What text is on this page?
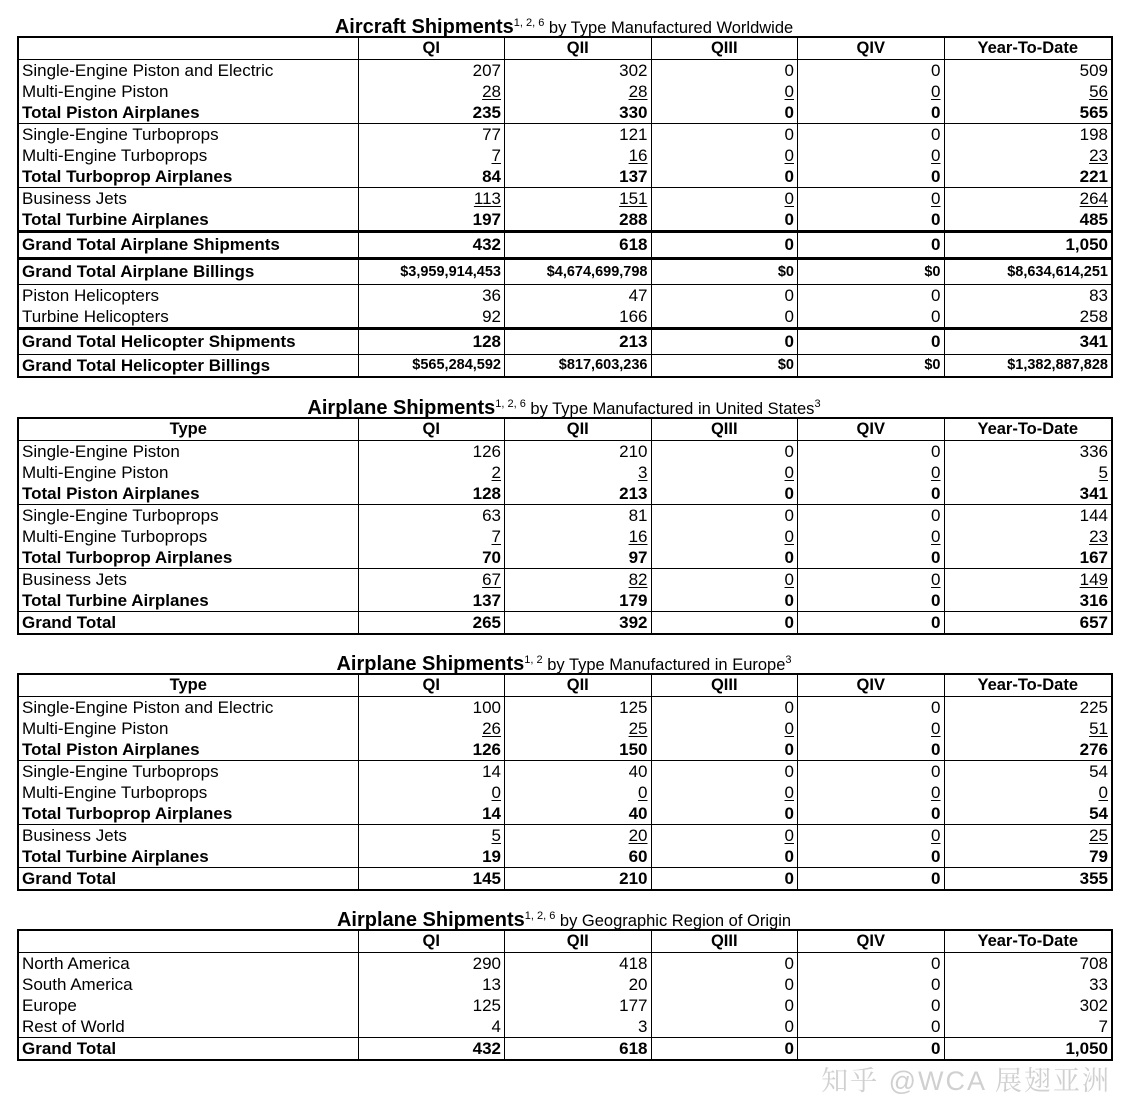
Aircraft Shipments$^{1, 2, 6}$ by Type Manufactured Worldwide
	QI	QII	QIII	QIV	Year-To-Date
Single-Engine Piston and Electric	207	302	0	0	509
Multi-Engine Piston	28	28	0	0	56
Total Piston Airplanes	235	330	0	0	565
Single-Engine Turboprops	77	121	0	0	198
Multi-Engine Turboprops	7	16	0	0	23
Total Turboprop Airplanes	84	137	0	0	221
Business Jets	113	151	0	0	264
Total Turbine Airplanes	197	288	0	0	485
Grand Total Airplane Shipments	432	618	0	0	1,050
Grand Total Airplane Billings	$3,959,914,453	$4,674,699,798	$0	$0	$8,634,614,251
Piston Helicopters	36	47	0	0	83
Turbine Helicopters	92	166	0	0	258
Grand Total Helicopter Shipments	128	213	0	0	341
Grand Total Helicopter Billings	$565,284,592	$817,603,236	$0	$0	$1,382,887,828
Airplane Shipments$^{1, 2, 6}$ by Type Manufactured in United States$^3$
Type	QI	QII	QIII	QIV	Year-To-Date
Single-Engine Piston	126	210	0	0	336
Multi-Engine Piston	2	3	0	0	5
Total Piston Airplanes	128	213	0	0	341
Single-Engine Turboprops	63	81	0	0	144
Multi-Engine Turboprops	7	16	0	0	23
Total Turboprop Airplanes	70	97	0	0	167
Business Jets	67	82	0	0	149
Total Turbine Airplanes	137	179	0	0	316
Grand Total	265	392	0	0	657
Airplane Shipments$^{1, 2}$ by Type Manufactured in Europe$^3$
Type	QI	QII	QIII	QIV	Year-To-Date
Single-Engine Piston and Electric	100	125	0	0	225
Multi-Engine Piston	26	25	0	0	51
Total Piston Airplanes	126	150	0	0	276
Single-Engine Turboprops	14	40	0	0	54
Multi-Engine Turboprops	0	0	0	0	0
Total Turboprop Airplanes	14	40	0	0	54
Business Jets	5	20	0	0	25
Total Turbine Airplanes	19	60	0	0	79
Grand Total	145	210	0	0	355
Airplane Shipments$^{1, 2, 6}$ by Geographic Region of Origin
	QI	QII	QIII	QIV	Year-To-Date
North America	290	418	0	0	708
South America	13	20	0	0	33
Europe	125	177	0	0	302
Rest of World	4	3	0	0	7
Grand Total	432	618	0	0	1,050
知乎 @WCA 展翅亚洲
